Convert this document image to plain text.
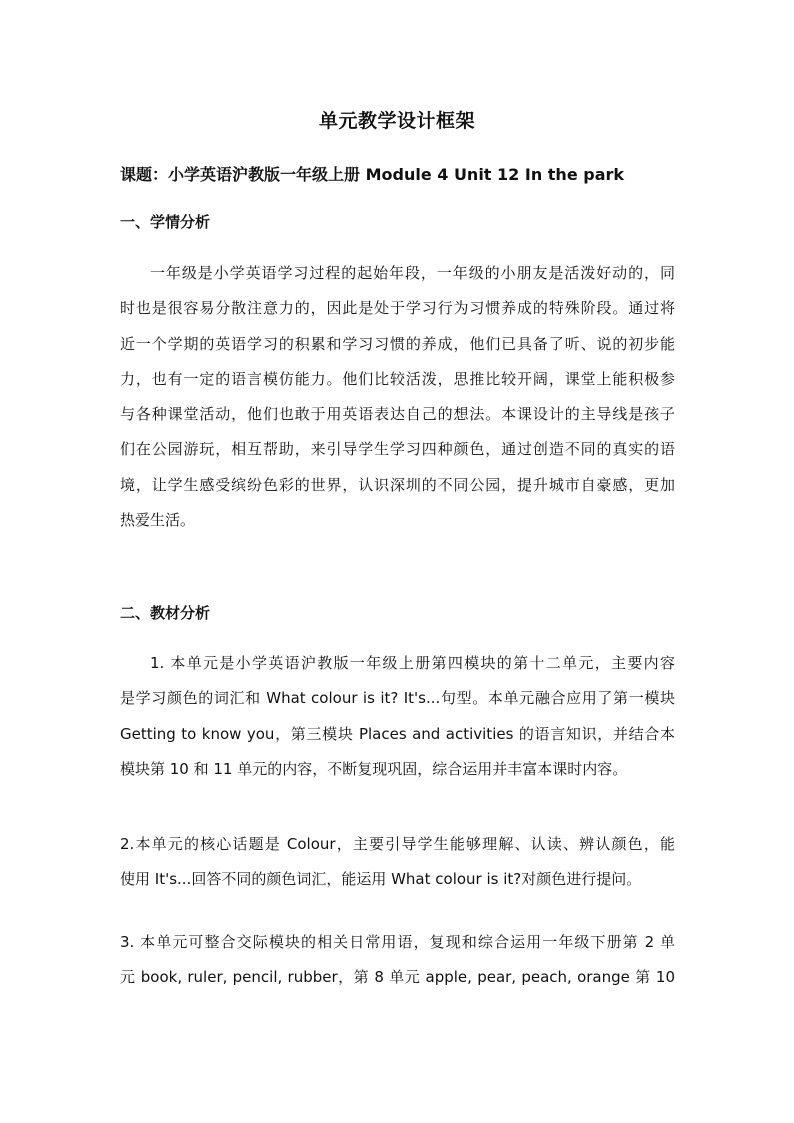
单元教学设计框架
课题：小学英语沪教版一年级上册 Module 4 Unit 12 In the park
一、学情分析
一年级是小学英语学习过程的起始年段，一年级的小朋友是活泼好动的，同
时也是很容易分散注意力的，因此是处于学习行为习惯养成的特殊阶段。通过将
近一个学期的英语学习的积累和学习习惯的养成，他们已具备了听、说的初步能
力，也有一定的语言模仿能力。他们比较活泼，思推比较开阔，课堂上能积极参
与各种课堂活动，他们也敢于用英语表达自己的想法。本课设计的主导线是孩子
们在公园游玩，相互帮助，来引导学生学习四种颜色，通过创造不同的真实的语
境，让学生感受缤纷色彩的世界，认识深圳的不同公园，提升城市自豪感，更加
热爱生活。
二、教材分析
1. 本单元是小学英语沪教版一年级上册第四模块的第十二单元，主要内容
是学习颜色的词汇和 What colour is it? It's...句型。本单元融合应用了第一模块
Getting to know you，第三模块 Places and activities 的语言知识，并结合本
模块第 10 和 11 单元的内容，不断复现巩固，综合运用并丰富本课时内容。
2.本单元的核心话题是 Colour，主要引导学生能够理解、认读、辨认颜色，能
使用 It's...回答不同的颜色词汇，能运用 What colour is it?对颜色进行提问。
3. 本单元可整合交际模块的相关日常用语，复现和综合运用一年级下册第 2 单
元 book, ruler, pencil, rubber，第 8 单元 apple, pear, peach, orange 第 10
